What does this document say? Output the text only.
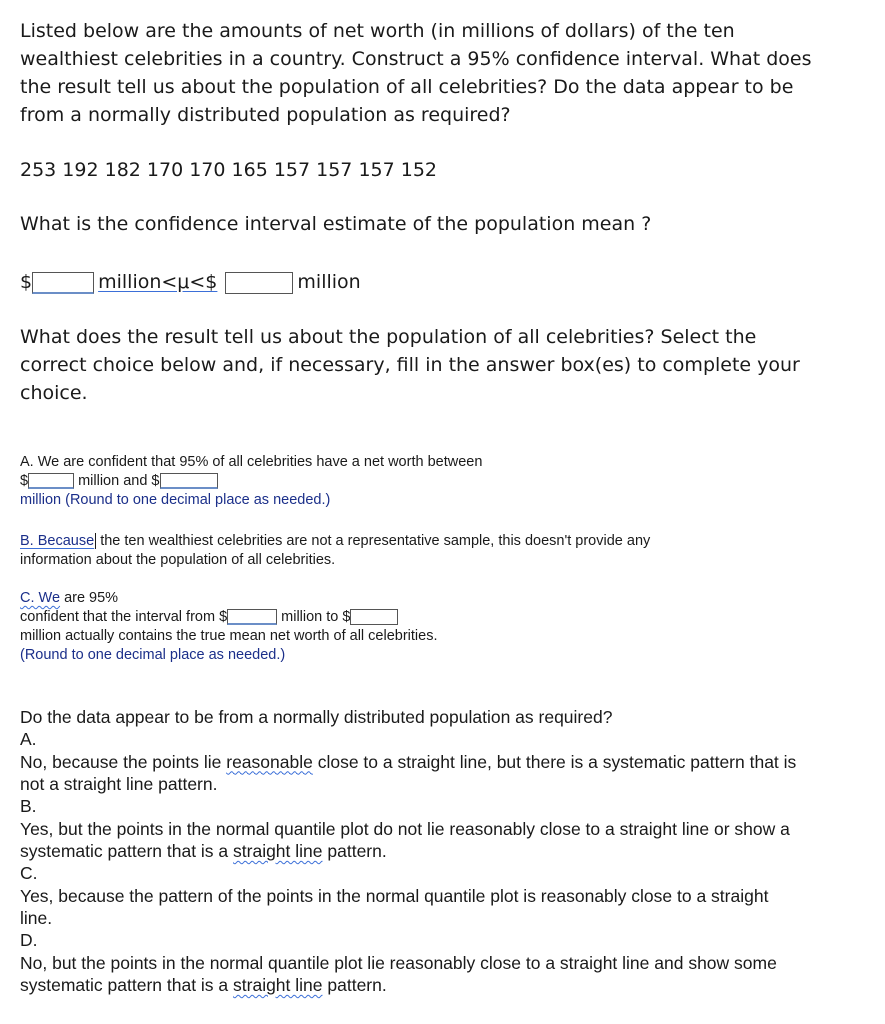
Listed below are the amounts of net worth (in millions of dollars) of the ten wealthiest celebrities in a country. Construct a 95% confidence interval. What does the result tell us about the population of all celebrities? Do the data appear to be from a normally distributed population as required?
253 192 182 170 170 165 157 157 157 152
What is the confidence interval estimate of the population mean ?
$	million<μ<$	million
What does the result tell us about the population of all celebrities? Select the correct choice below and, if necessary, fill in the answer box(es) to complete your choice.
A. We are confident that 95% of all celebrities have a net worth between
$	million and $
million (Round to one decimal place as needed.)
B. Because the ten wealthiest celebrities are not a representative sample, this doesn't provide any
information about the population of all celebrities.
C. We are 95%
confident that the interval from $	million to $
million actually contains the true mean net worth of all celebrities.
(Round to one decimal place as needed.)
Do the data appear to be from a normally distributed population as required?
A.
No, because the points lie reasonable close to a straight line, but there is a systematic pattern that is not a straight line pattern.
B.
Yes, but the points in the normal quantile plot do not lie reasonably close to a straight line or show a systematic pattern that is a straight line pattern.
C.
Yes, because the pattern of the points in the normal quantile plot is reasonably close to a straight line.
D.
No, but the points in the normal quantile plot lie reasonably close to a straight line and show some systematic pattern that is a straight line pattern.
